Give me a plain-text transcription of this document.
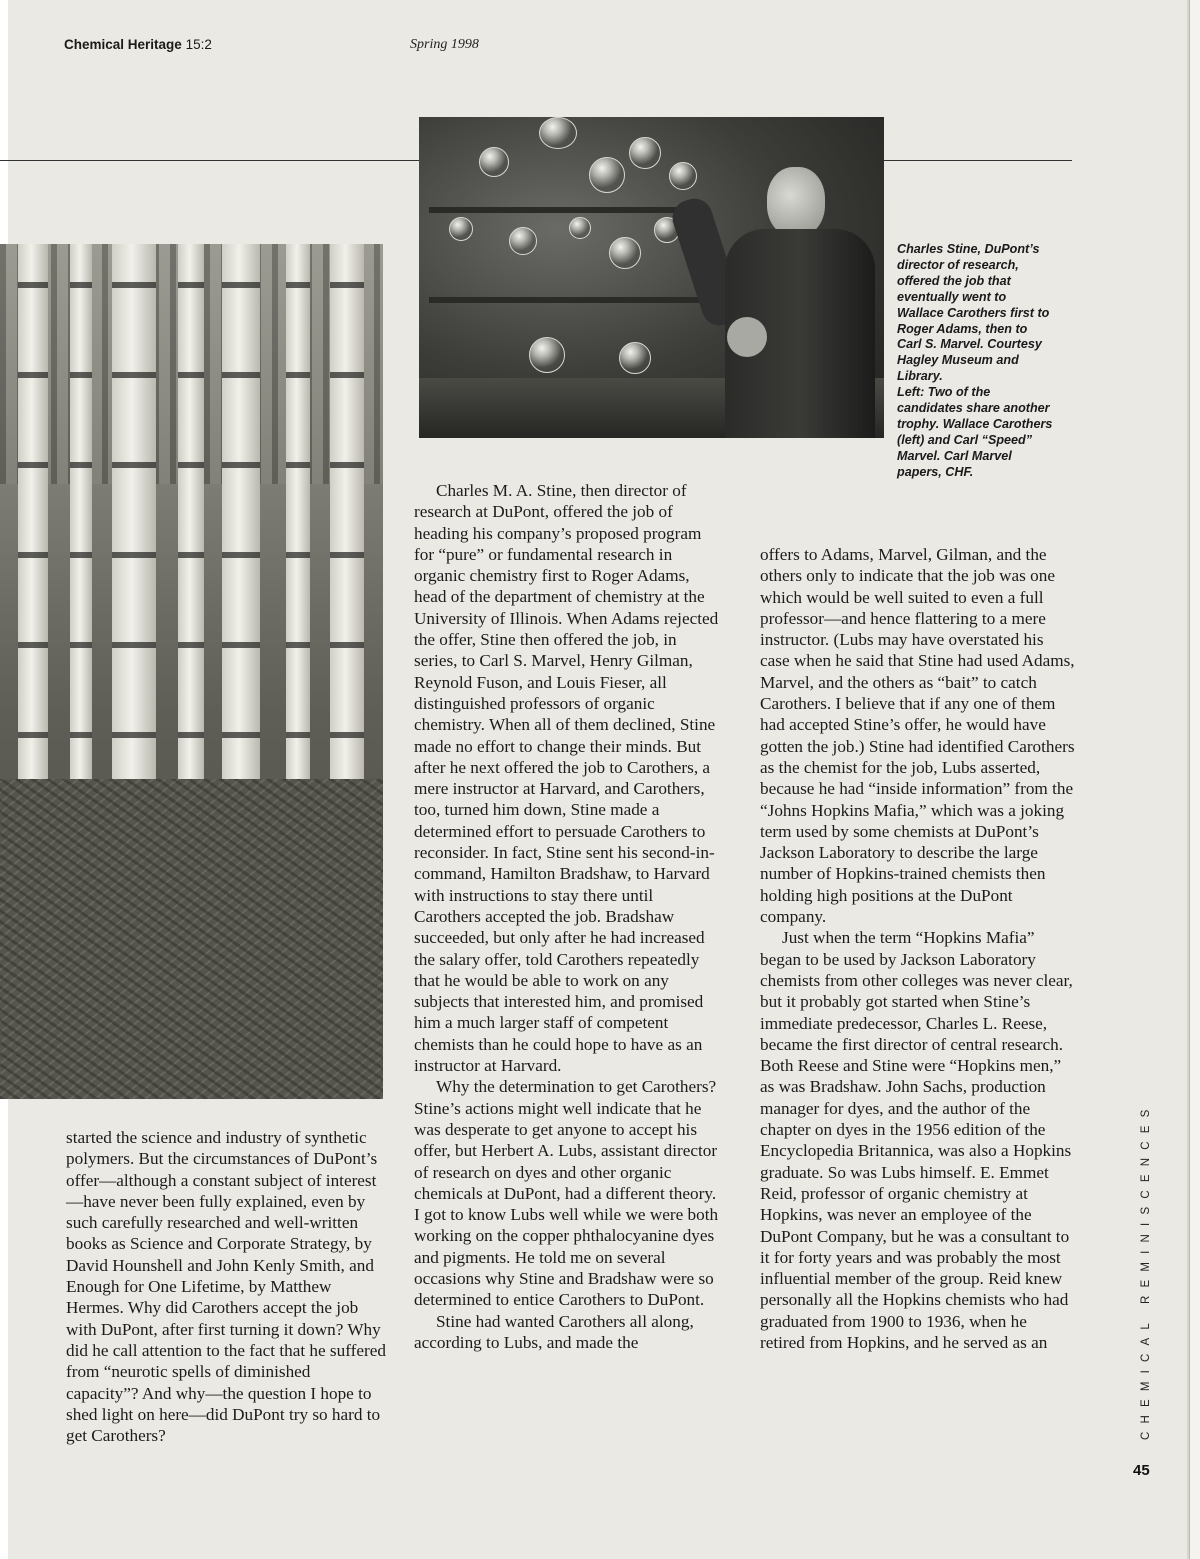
Chemical Heritage 15:2	Spring 1998
Charles Stine, DuPont’s director of research, offered the job that eventually went to Wallace Carothers first to Roger Adams, then to Carl S. Marvel. Courtesy Hagley Museum and Library.
Left: Two of the candidates share another trophy. Wallace Carothers (left) and Carl “Speed” Marvel. Carl Marvel papers, CHF.

started the science and industry of synthetic polymers. But the circumstances of DuPont’s offer—although a constant subject of interest—have never been fully explained, even by such carefully researched and well-written books as Science and Corporate Strategy, by David Hounshell and John Kenly Smith, and Enough for One Lifetime, by Matthew Hermes. Why did Carothers accept the job with DuPont, after first turning it down? Why did he call attention to the fact that he suffered from “neurotic spells of diminished capacity”? And why—the question I hope to shed light on here—did DuPont try so hard to get Carothers?

Charles M. A. Stine, then director of research at DuPont, offered the job of heading his company’s proposed program for “pure” or fundamental research in organic chemistry first to Roger Adams, head of the department of chemistry at the University of Illinois. When Adams rejected the offer, Stine then offered the job, in series, to Carl S. Marvel, Henry Gilman, Reynold Fuson, and Louis Fieser, all distinguished professors of organic chemistry. When all of them declined, Stine made no effort to change their minds. But after he next offered the job to Carothers, a mere instructor at Harvard, and Carothers, too, turned him down, Stine made a determined effort to persuade Carothers to reconsider. In fact, Stine sent his second-in-command, Hamilton Bradshaw, to Harvard with instructions to stay there until Carothers accepted the job. Bradshaw succeeded, but only after he had increased the salary offer, told Carothers repeatedly that he would be able to work on any subjects that interested him, and promised him a much larger staff of competent chemists than he could hope to have as an instructor at Harvard.

Why the determination to get Carothers? Stine’s actions might well indicate that he was desperate to get anyone to accept his offer, but Herbert A. Lubs, assistant director of research on dyes and other organic chemicals at DuPont, had a different theory. I got to know Lubs well while we were both working on the copper phthalocyanine dyes and pigments. He told me on several occasions why Stine and Bradshaw were so determined to entice Carothers to DuPont.

Stine had wanted Carothers all along, according to Lubs, and made the

offers to Adams, Marvel, Gilman, and the others only to indicate that the job was one which would be well suited to even a full professor—and hence flattering to a mere instructor. (Lubs may have overstated his case when he said that Stine had used Adams, Marvel, and the others as “bait” to catch Carothers. I believe that if any one of them had accepted Stine’s offer, he would have gotten the job.) Stine had identified Carothers as the chemist for the job, Lubs asserted, because he had “inside information” from the “Johns Hopkins Mafia,” which was a joking term used by some chemists at DuPont’s Jackson Laboratory to describe the large number of Hopkins-trained chemists then holding high positions at the DuPont company.

Just when the term “Hopkins Mafia” began to be used by Jackson Laboratory chemists from other colleges was never clear, but it probably got started when Stine’s immediate predecessor, Charles L. Reese, became the first director of central research. Both Reese and Stine were “Hopkins men,” as was Bradshaw. John Sachs, production manager for dyes, and the author of the chapter on dyes in the 1956 edition of the Encyclopedia Britannica, was also a Hopkins graduate. So was Lubs himself. E. Emmet Reid, professor of organic chemistry at Hopkins, was never an employee of the DuPont Company, but he was a consultant to it for forty years and was probably the most influential member of the group. Reid knew personally all the Hopkins chemists who had graduated from 1900 to 1936, when he retired from Hopkins, and he served as an	CHEMICAL REMINISCENCES
45
